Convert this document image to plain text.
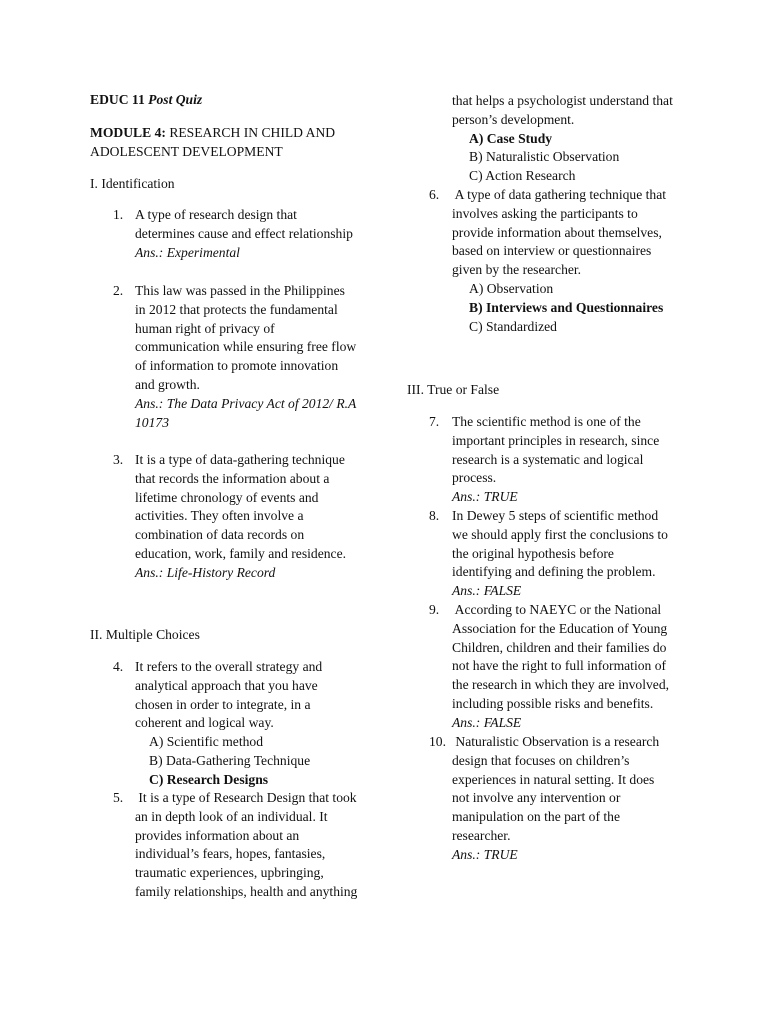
EDUC 11 Post Quiz

MODULE 4: RESEARCH IN CHILD AND

ADOLESCENT DEVELOPMENT

I. Identification

1. A type of research design that

determines cause and effect relationship

Ans.: Experimental

2. This law was passed in the Philippines

in 2012 that protects the fundamental

human right of privacy of

communication while ensuring free flow

of information to promote innovation

and growth.

Ans.: The Data Privacy Act of 2012/ R.A

10173

3. It is a type of data-gathering technique

that records the information about a

lifetime chronology of events and

activities. They often involve a

combination of data records on

education, work, family and residence.

Ans.: Life-History Record

II. Multiple Choices

4. It refers to the overall strategy and

analytical approach that you have

chosen in order to integrate, in a

coherent and logical way.

A) Scientific method

B) Data-Gathering Technique

C) Research Designs

5. It is a type of Research Design that took

an in depth look of an individual. It

provides information about an

individual’s fears, hopes, fantasies,

traumatic experiences, upbringing,

family relationships, health and anything

that helps a psychologist understand that

person’s development.

A) Case Study

B) Naturalistic Observation

C) Action Research

6. A type of data gathering technique that

involves asking the participants to

provide information about themselves,

based on interview or questionnaires

given by the researcher.

A) Observation

B) Interviews and Questionnaires

C) Standardized

III. True or False

7. The scientific method is one of the

important principles in research, since

research is a systematic and logical

process.

Ans.: TRUE

8. In Dewey 5 steps of scientific method

we should apply first the conclusions to

the original hypothesis before

identifying and defining the problem.

Ans.: FALSE

9. According to NAEYC or the National

Association for the Education of Young

Children, children and their families do

not have the right to full information of

the research in which they are involved,

including possible risks and benefits.

Ans.: FALSE

10. Naturalistic Observation is a research

design that focuses on children’s

experiences in natural setting. It does

not involve any intervention or

manipulation on the part of the

researcher.

Ans.: TRUE
